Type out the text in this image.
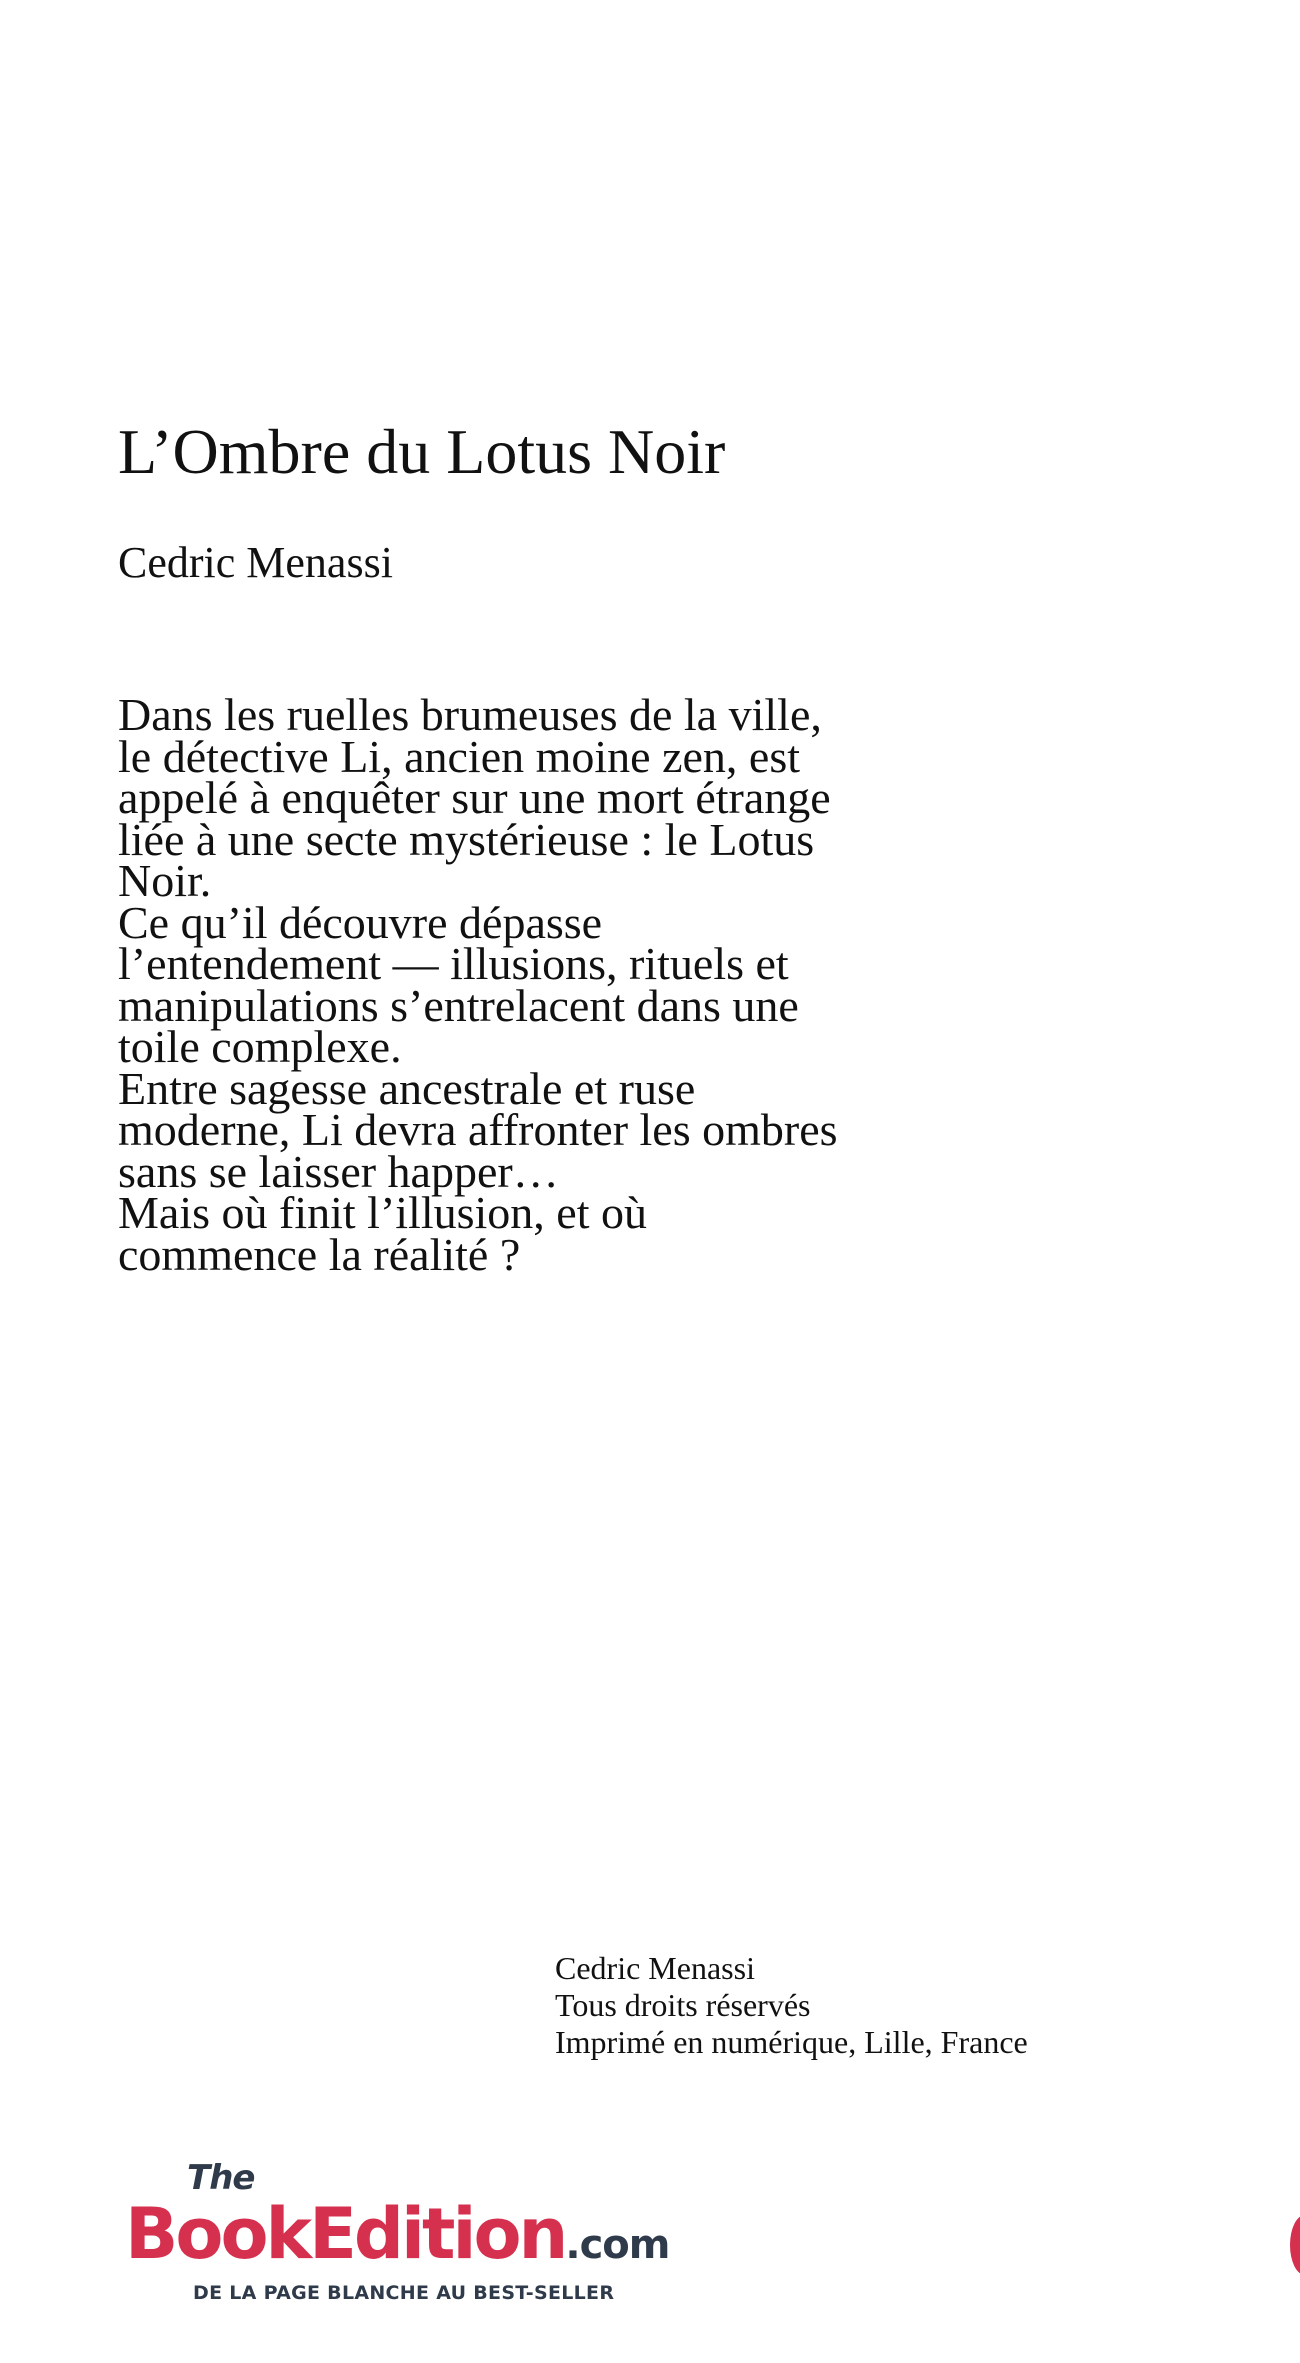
L’Ombre du Lotus Noir

Cedric Menassi

Dans les ruelles brumeuses de la ville,
le détective Li, ancien moine zen, est
appelé à enquêter sur une mort étrange
liée à une secte mystérieuse : le Lotus
Noir.
Ce qu’il découvre dépasse
l’entendement — illusions, rituels et
manipulations s’entrelacent dans une
toile complexe.
Entre sagesse ancestrale et ruse
moderne, Li devra affronter les ombres
sans se laisser happer…
Mais où finit l’illusion, et où
commence la réalité ?
Cedric Menassi
Tous droits réservés
Imprimé en numérique, Lille, France
The
BookEdition.com
DE LA PAGE BLANCHE AU BEST-SELLER
